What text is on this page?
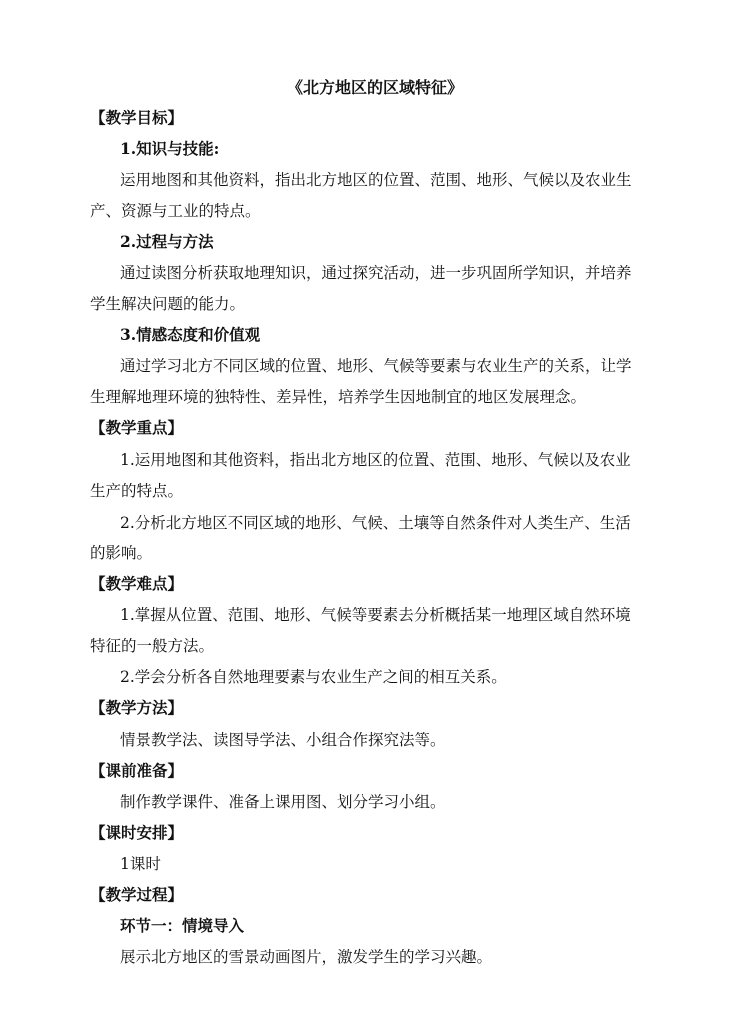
《北方地区的区域特征》
【教学目标】
1.知识与技能:
运用地图和其他资料，指出北方地区的位置、范围、地形、气候以及农业生
产、资源与工业的特点。
2.过程与方法
通过读图分析获取地理知识，通过探究活动，进一步巩固所学知识，并培养
学生解决问题的能力。
3.情感态度和价值观
通过学习北方不同区域的位置、地形、气候等要素与农业生产的关系，让学
生理解地理环境的独特性、差异性，培养学生因地制宜的地区发展理念。
【教学重点】
1.运用地图和其他资料，指出北方地区的位置、范围、地形、气候以及农业
生产的特点。
2.分析北方地区不同区域的地形、气候、土壤等自然条件对人类生产、生活
的影响。
【教学难点】
1.掌握从位置、范围、地形、气候等要素去分析概括某一地理区域自然环境
特征的一般方法。
2.学会分析各自然地理要素与农业生产之间的相互关系。
【教学方法】
情景教学法、读图导学法、小组合作探究法等。
【课前准备】
制作教学课件、准备上课用图、划分学习小组。
【课时安排】
1课时
【教学过程】
环节一：情境导入
展示北方地区的雪景动画图片，激发学生的学习兴趣。
